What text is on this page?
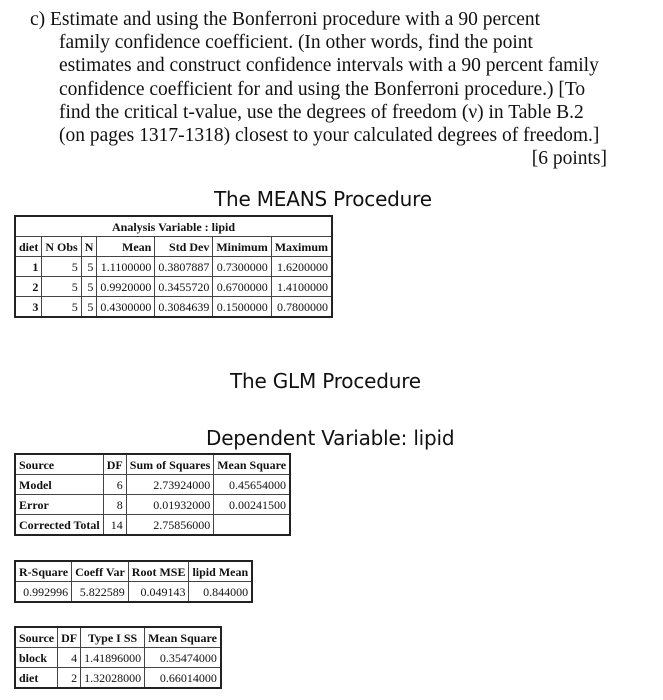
c) Estimate and using the Bonferroni procedure with a 90 percent
family confidence coefficient. (In other words, find the point
estimates and construct confidence intervals with a 90 percent family
confidence coefficient for and using the Bonferroni procedure.) [To
find the critical t-value, use the degrees of freedom (ν) in Table B.2
(on pages 1317-1318) closest to your calculated degrees of freedom.]
[6 points]
The MEANS Procedure
Analysis Variable : lipid						
diet	N Obs	N	Mean	Std Dev	Minimum	Maximum
1	5	5	1.1100000	0.3807887	0.7300000	1.6200000
2	5	5	0.9920000	0.3455720	0.6700000	1.4100000
3	5	5	0.4300000	0.3084639	0.1500000	0.7800000
The GLM Procedure
Dependent Variable: lipid
Source	DF	Sum of Squares	Mean Square
Model	6	2.73924000	0.45654000
Error	8	0.01932000	0.00241500
Corrected Total	14	2.75856000	
R-Square	Coeff Var	Root MSE	lipid Mean
0.992996	5.822589	0.049143	0.844000
Source	DF	Type I SS	Mean Square
block	4	1.41896000	0.35474000
diet	2	1.32028000	0.66014000
